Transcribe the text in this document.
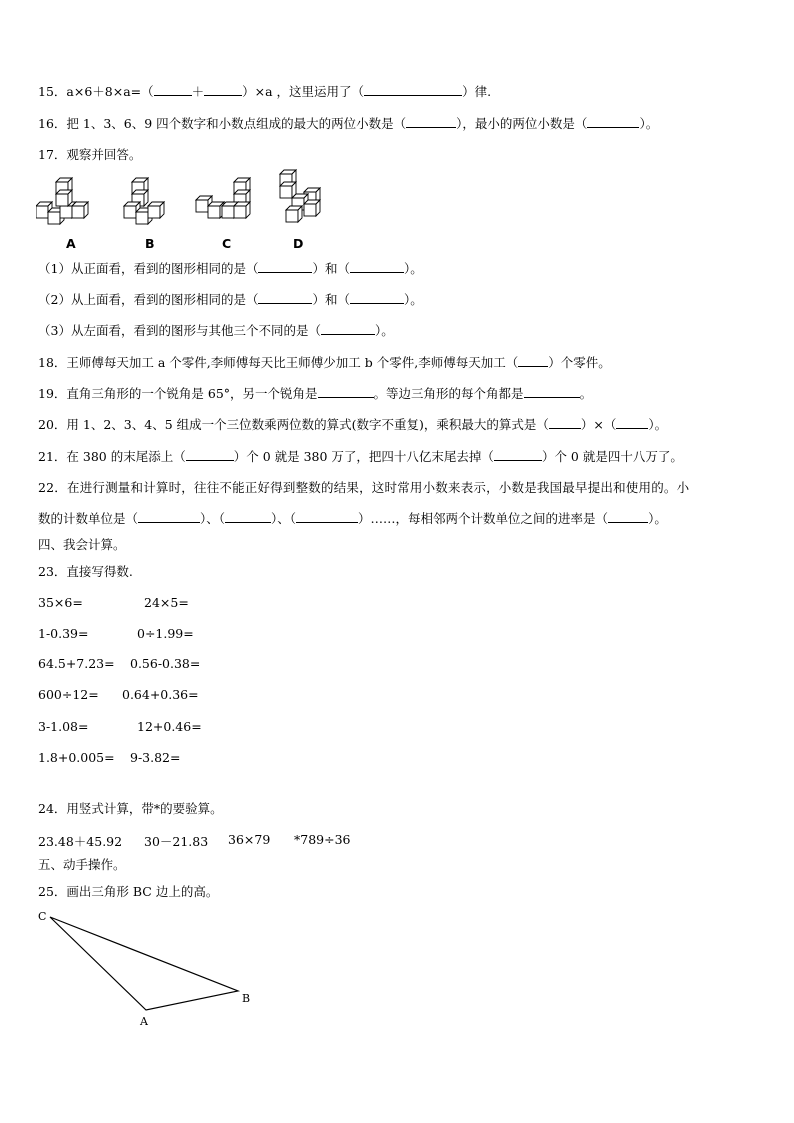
15．a×6＋8×a=（	＋	）×a ，这里运用了（	）律.
16．把 1、3、6、9 四个数字和小数点组成的最大的两位小数是（	），最小的两位小数是（	）。
17．观察并回答。
A	B	C	D
（1）从正面看，看到的图形相同的是（	）和（	）。
（2）从上面看，看到的图形相同的是（	）和（	）。
（3）从左面看，看到的图形与其他三个不同的是（	）。
18．王师傅每天加工 a 个零件,李师傅每天比王师傅少加工 b 个零件,李师傅每天加工（ ）个零件。
19．直角三角形的一个锐角是 65°，另一个锐角是	。等边三角形的每个角都是	。
20．用 1、2、3、4、5 组成一个三位数乘两位数的算式(数字不重复)，乘积最大的算式是（	）×（	）。
21．在 380 的末尾添上（	）个 0 就是 380 万了，把四十八亿末尾去掉（	）个 0 就是四十八万了。
22．在进行测量和计算时，往往不能正好得到整数的结果，这时常用小数来表示，小数是我国最早提出和使用的。小
数的计数单位是（	）、（	）、（	）……，每相邻两个计数单位之间的进率是（	）。
四、我会计算。
23．直接写得数.
35×6=	24×5=
1-0.39=	0÷1.99=
64.5+7.23= 0.56-0.38=
600÷12= 0.64+0.36=
3-1.08=	12+0.46=
1.8+0.005= 9-3.82=
24．用竖式计算，带*的要验算。
23.48＋45.92 30－21.83 36×79 *789÷36
五、动手操作。
25．画出三角形 BC 边上的高。
C
A
B
